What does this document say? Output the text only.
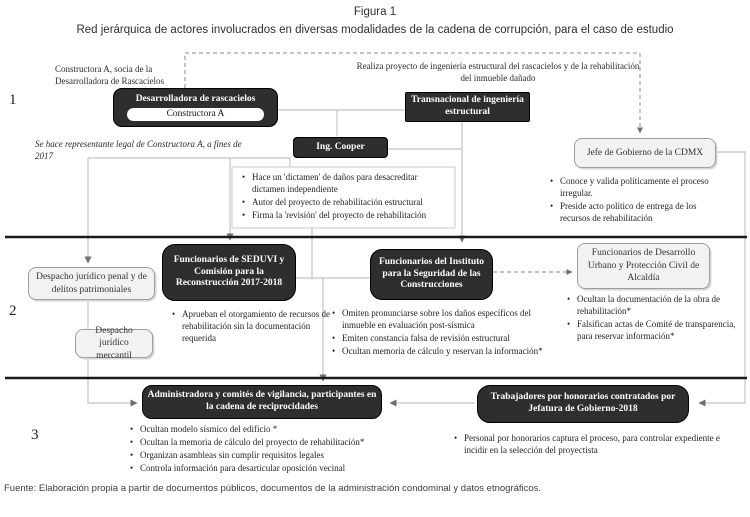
Figura 1
Red jerárquica de actores involucrados en diversas modalidades de la cadena de corrupción, para el caso de estudio
1
2
3
Constructora A, socia de la Desarrolladora de Rascacielos
Realiza proyecto de ingeniería estructural del rascacielos y de la rehabilitación del inmueble dañado
Se hace representante legal de Constructora A, a fines de 2017
Desarrolladora de rascacielos
Constructora A
Transnacional de ingeniería estructural
Ing. Cooper
Jefe de Gobierno de la CDMX
• Hace un 'dictamen' de daños para desacreditar dictamen independiente
• Autor del proyecto de rehabilitación estructural
• Firma la 'revisión' del proyecto de rehabilitación
• Conoce y valida políticamente el proceso irregular.
• Preside acto político de entrega de los recursos de rehabilitación
Despacho jurídico penal y de delitos patrimoniales
Despacho jurídico mercantil
Funcionarios de SEDUVI y Comisión para la Reconstrucción 2017-2018
Funcionarios del Instituto para la Seguridad de las Construcciones
Funcionarios de Desarrollo Urbano y Protección Civil de Alcaldía
• Aprueban el otorgamiento de recursos de rehabilitación sin la documentación requerida
• Omiten pronunciarse sobre los daños específicos del inmueble en evaluación post-sísmica
• Emiten constancia falsa de revisión estructural
• Ocultan memoria de cálculo y reservan la información*
• Ocultan la documentación de la obra de rehabilitación*
• Falsifican actas de Comité de transparencia, para reservar información*
Administradora y comités de vigilancia, participantes en la cadena de reciprocidades
Trabajadores por honorarios contratados por Jefatura de Gobierno-2018
• Ocultan modelo sísmico del edificio *
• Ocultan la memoria de cálculo del proyecto de rehabilitación*
• Organizan asambleas sin cumplir requisitos legales
• Controla información para desarticular oposición vecinal
• Personal por honorarios captura el proceso, para controlar expediente e incidir en la selección del proyectista
Fuente: Elaboración propia a partir de documentos públicos, documentos de la administración condominal y datos etnográficos.
